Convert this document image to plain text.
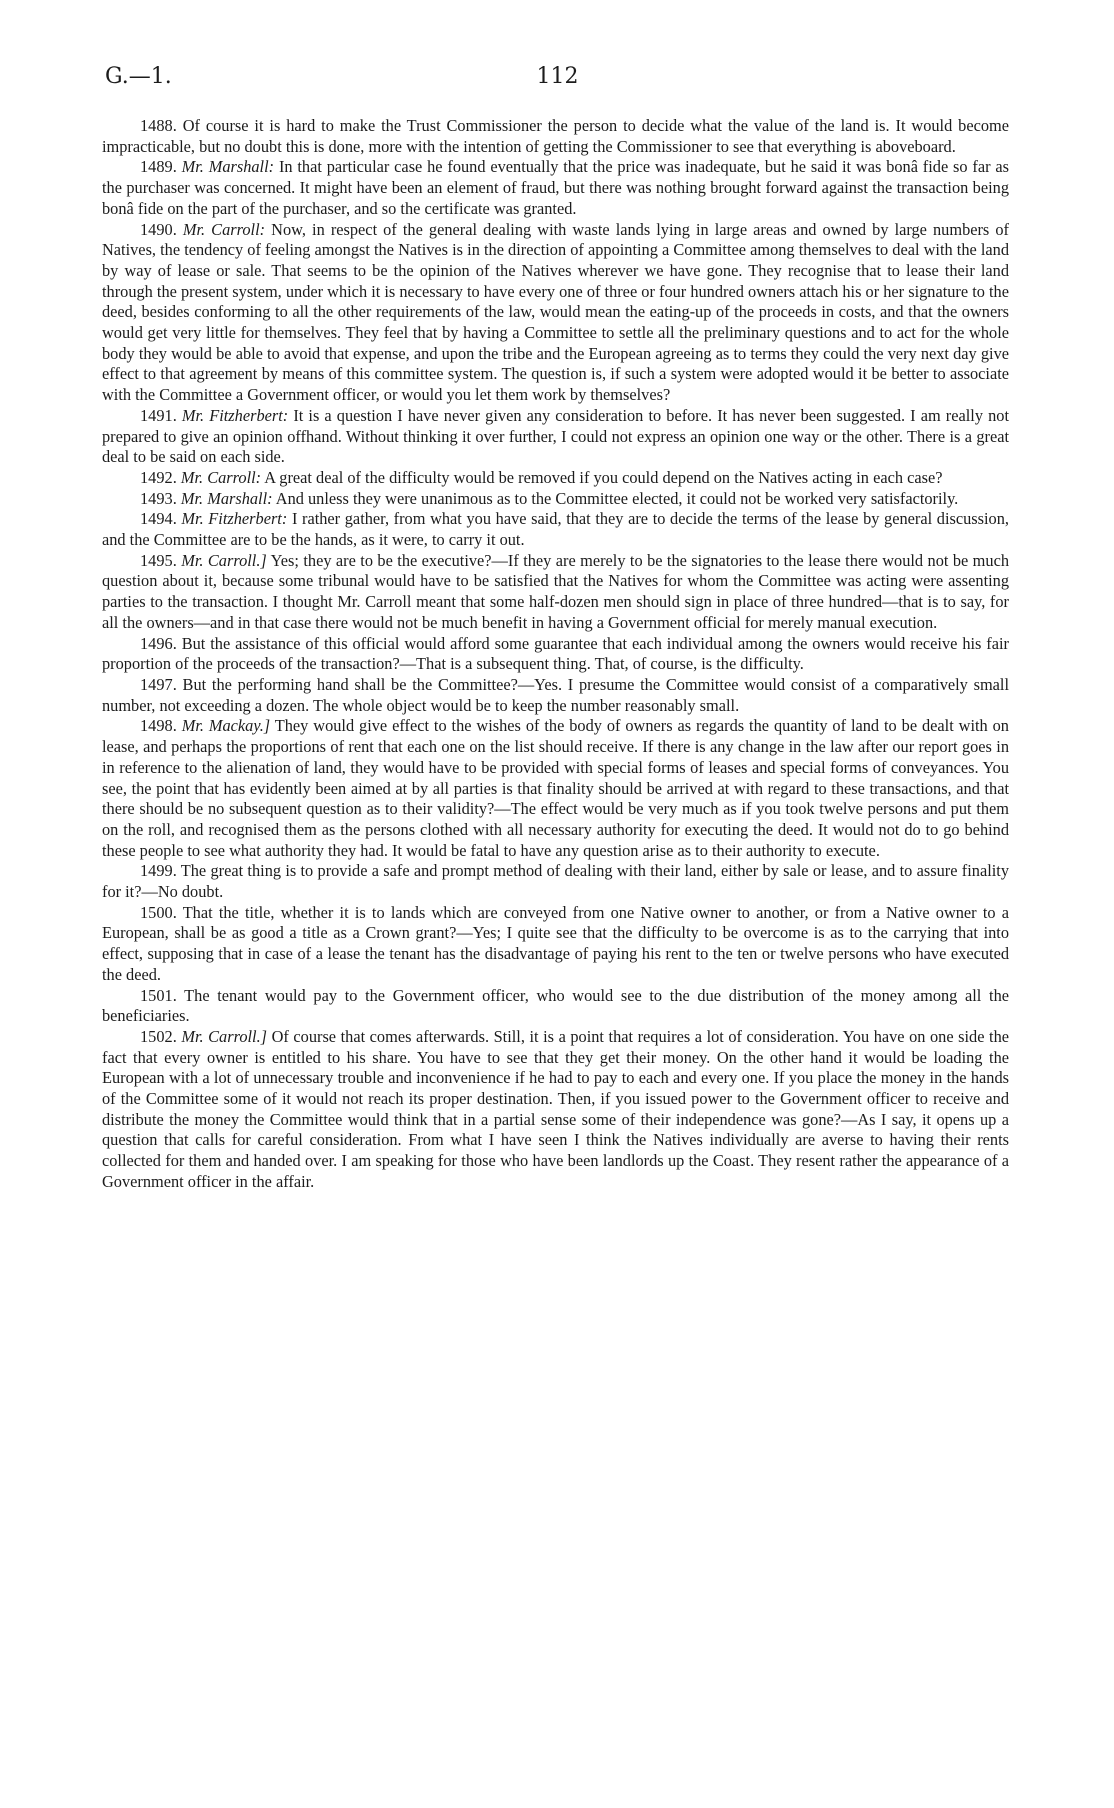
G.—1.	112

1488. Of course it is hard to make the Trust Commissioner the person to decide what the value of the land is. It would become impracticable, but no doubt this is done, more with the intention of getting the Commissioner to see that everything is aboveboard.

1489. Mr. Marshall: In that particular case he found eventually that the price was inadequate, but he said it was bonâ fide so far as the purchaser was concerned. It might have been an element of fraud, but there was nothing brought forward against the transaction being bonâ fide on the part of the purchaser, and so the certificate was granted.

1490. Mr. Carroll: Now, in respect of the general dealing with waste lands lying in large areas and owned by large numbers of Natives, the tendency of feeling amongst the Natives is in the direction of appointing a Committee among themselves to deal with the land by way of lease or sale. That seems to be the opinion of the Natives wherever we have gone. They recognise that to lease their land through the present system, under which it is necessary to have every one of three or four hundred owners attach his or her signature to the deed, besides conforming to all the other requirements of the law, would mean the eating-up of the proceeds in costs, and that the owners would get very little for themselves. They feel that by having a Committee to settle all the preliminary questions and to act for the whole body they would be able to avoid that expense, and upon the tribe and the European agreeing as to terms they could the very next day give effect to that agreement by means of this committee system. The question is, if such a system were adopted would it be better to associate with the Committee a Government officer, or would you let them work by themselves?

1491. Mr. Fitzherbert: It is a question I have never given any consideration to before. It has never been suggested. I am really not prepared to give an opinion offhand. Without thinking it over further, I could not express an opinion one way or the other. There is a great deal to be said on each side.

1492. Mr. Carroll: A great deal of the difficulty would be removed if you could depend on the Natives acting in each case?

1493. Mr. Marshall: And unless they were unanimous as to the Committee elected, it could not be worked very satisfactorily.

1494. Mr. Fitzherbert: I rather gather, from what you have said, that they are to decide the terms of the lease by general discussion, and the Committee are to be the hands, as it were, to carry it out.

1495. Mr. Carroll.] Yes; they are to be the executive?—If they are merely to be the signatories to the lease there would not be much question about it, because some tribunal would have to be satisfied that the Natives for whom the Committee was acting were assenting parties to the transaction. I thought Mr. Carroll meant that some half-dozen men should sign in place of three hundred—that is to say, for all the owners—and in that case there would not be much benefit in having a Government official for merely manual execution.

1496. But the assistance of this official would afford some guarantee that each individual among the owners would receive his fair proportion of the proceeds of the transaction?—That is a subsequent thing. That, of course, is the difficulty.

1497. But the performing hand shall be the Committee?—Yes. I presume the Committee would consist of a comparatively small number, not exceeding a dozen. The whole object would be to keep the number reasonably small.

1498. Mr. Mackay.] They would give effect to the wishes of the body of owners as regards the quantity of land to be dealt with on lease, and perhaps the proportions of rent that each one on the list should receive. If there is any change in the law after our report goes in in reference to the alienation of land, they would have to be provided with special forms of leases and special forms of conveyances. You see, the point that has evidently been aimed at by all parties is that finality should be arrived at with regard to these transactions, and that there should be no subsequent question as to their validity?—The effect would be very much as if you took twelve persons and put them on the roll, and recognised them as the persons clothed with all necessary authority for executing the deed. It would not do to go behind these people to see what authority they had. It would be fatal to have any question arise as to their authority to execute.

1499. The great thing is to provide a safe and prompt method of dealing with their land, either by sale or lease, and to assure finality for it?—No doubt.

1500. That the title, whether it is to lands which are conveyed from one Native owner to another, or from a Native owner to a European, shall be as good a title as a Crown grant?—Yes; I quite see that the difficulty to be overcome is as to the carrying that into effect, supposing that in case of a lease the tenant has the disadvantage of paying his rent to the ten or twelve persons who have executed the deed.

1501. The tenant would pay to the Government officer, who would see to the due distribution of the money among all the beneficiaries.

1502. Mr. Carroll.] Of course that comes afterwards. Still, it is a point that requires a lot of consideration. You have on one side the fact that every owner is entitled to his share. You have to see that they get their money. On the other hand it would be loading the European with a lot of unnecessary trouble and inconvenience if he had to pay to each and every one. If you place the money in the hands of the Committee some of it would not reach its proper destination. Then, if you issued power to the Government officer to receive and distribute the money the Committee would think that in a partial sense some of their independence was gone?—As I say, it opens up a question that calls for careful consideration. From what I have seen I think the Natives individually are averse to having their rents collected for them and handed over. I am speaking for those who have been landlords up the Coast. They resent rather the appearance of a Government officer in the affair.
